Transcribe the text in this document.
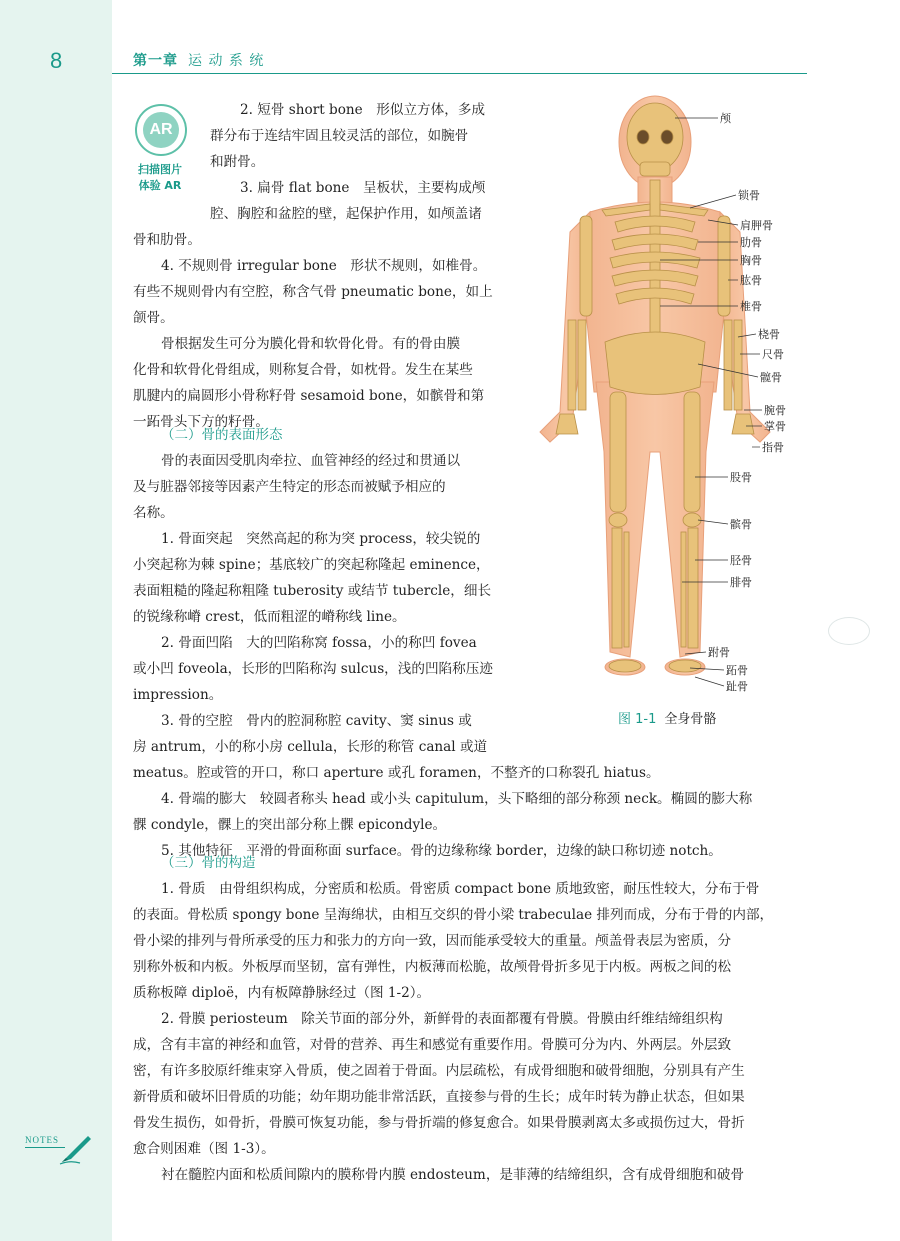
8	第一章 运 动 系 统
AR
扫描图片
体验 AR
2. 短骨 short bone　形似立方体，多成
群分布于连结牢固且较灵活的部位，如腕骨
和跗骨。
3. 扁骨 flat bone　呈板状，主要构成颅
腔、胸腔和盆腔的壁，起保护作用，如颅盖诸
骨和肋骨。
4. 不规则骨 irregular bone　形状不规则，如椎骨。
有些不规则骨内有空腔，称含气骨 pneumatic bone，如上
颌骨。
骨根据发生可分为膜化骨和软骨化骨。有的骨由膜
化骨和软骨化骨组成，则称复合骨，如枕骨。发生在某些
肌腱内的扁圆形小骨称籽骨 sesamoid bone，如髌骨和第
一跖骨头下方的籽骨。
（二）骨的表面形态
骨的表面因受肌肉牵拉、血管神经的经过和贯通以
及与脏器邻接等因素产生特定的形态而被赋予相应的
名称。
1. 骨面突起　突然高起的称为突 process，较尖锐的
小突起称为棘 spine；基底较广的突起称隆起 eminence，
表面粗糙的隆起称粗隆 tuberosity 或结节 tubercle，细长
的锐缘称嵴 crest，低而粗涩的嵴称线 line。
2. 骨面凹陷　大的凹陷称窝 fossa，小的称凹 fovea
或小凹 foveola，长形的凹陷称沟 sulcus，浅的凹陷称压迹
impression。
3. 骨的空腔　骨内的腔洞称腔 cavity、窦 sinus 或
房 antrum，小的称小房 cellula，长形的称管 canal 或道
meatus。腔或管的开口，称口 aperture 或孔 foramen，不整齐的口称裂孔 hiatus。
4. 骨端的膨大　较圆者称头 head 或小头 capitulum，头下略细的部分称颈 neck。椭圆的膨大称
髁 condyle，髁上的突出部分称上髁 epicondyle。
5. 其他特征　平滑的骨面称面 surface。骨的边缘称缘 border，边缘的缺口称切迹 notch。
（三）骨的构造
1. 骨质　由骨组织构成，分密质和松质。骨密质 compact bone 质地致密，耐压性较大，分布于骨
的表面。骨松质 spongy bone 呈海绵状，由相互交织的骨小梁 trabeculae 排列而成，分布于骨的内部，
骨小梁的排列与骨所承受的压力和张力的方向一致，因而能承受较大的重量。颅盖骨表层为密质，分
别称外板和内板。外板厚而坚韧，富有弹性，内板薄而松脆，故颅骨骨折多见于内板。两板之间的松
质称板障 diploë，内有板障静脉经过（图 1-2）。
2. 骨膜 periosteum　除关节面的部分外，新鲜骨的表面都覆有骨膜。骨膜由纤维结缔组织构
成，含有丰富的神经和血管，对骨的营养、再生和感觉有重要作用。骨膜可分为内、外两层。外层致
密，有许多胶原纤维束穿入骨质，使之固着于骨面。内层疏松，有成骨细胞和破骨细胞，分别具有产生
新骨质和破坏旧骨质的功能；幼年期功能非常活跃，直接参与骨的生长；成年时转为静止状态，但如果
骨发生损伤，如骨折，骨膜可恢复功能，参与骨折端的修复愈合。如果骨膜剥离太多或损伤过大，骨折
愈合则困难（图 1-3）。
衬在髓腔内面和松质间隙内的膜称骨内膜 endosteum，是菲薄的结缔组织，含有成骨细胞和破骨
颅
锁骨
肩胛骨
肋骨
胸骨
肱骨
椎骨
桡骨
尺骨
髋骨
腕骨
掌骨
指骨
股骨
髌骨
胫骨
腓骨
跗骨
跖骨
趾骨
图 1-1 全身骨骼
NOTES
